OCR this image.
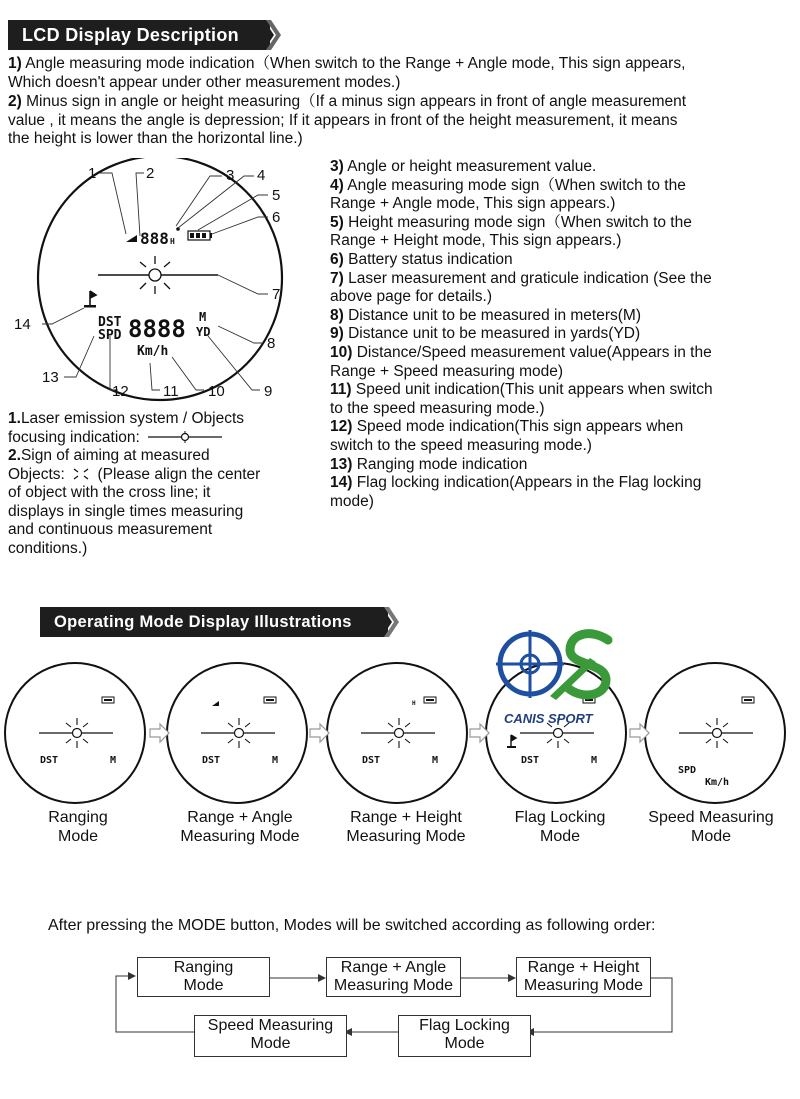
LCD Display Description
1) Angle measuring mode indication（When switch to the Range + Angle mode, This sign appears,
Which doesn't appear under other measurement modes.)
2) Minus sign in angle or height measuring（If a minus sign appears in front of angle measurement
value , it means the angle is depression; If it appears in front of the height measurement, it means
the height is lower than the horizontal line.)
1	2	3 4
5
6
7
8
9
10
11
12
13
14
888 H
DST
SPD 8888 M
YD
Km/h
3) Angle or height measurement value.
4) Angle measuring mode sign（When switch to the
Range + Angle mode, This sign appears.)
5) Height measuring mode sign（When switch to the
Range + Height mode, This sign appears.)
6) Battery status indication
7) Laser measurement and graticule indication (See the
above page for details.)
8) Distance unit to be measured in meters(M)
9) Distance unit to be measured in yards(YD)
10) Distance/Speed measurement value(Appears in the
Range + Speed measuring mode)
11) Speed unit indication(This unit appears when switch
to the speed measuring mode.)
12) Speed mode indication(This sign appears when
switch to the speed measuring mode.)
13) Ranging mode indication
14) Flag locking indication(Appears in the Flag locking
mode)
1.Laser emission system / Objects
focusing indication:
2.Sign of aiming at measured
Objects: (Please align the center
of object with the cross line; it
displays in single times measuring
and continuous measurement
conditions.)
Operating Mode Display Illustrations
DST	M	DST	M
H
DST	M	DST	M
SPD
Km/h
CANIS SPORT
Ranging
Mode
Range + Angle
Measuring Mode
Range + Height
Measuring Mode
Flag Locking
Mode
Speed Measuring
Mode
After pressing the MODE button, Modes will be switched according as following order:
Ranging
Mode
Range + Angle
Measuring Mode
Range + Height
Measuring Mode
Flag Locking
Mode
Speed Measuring
Mode
